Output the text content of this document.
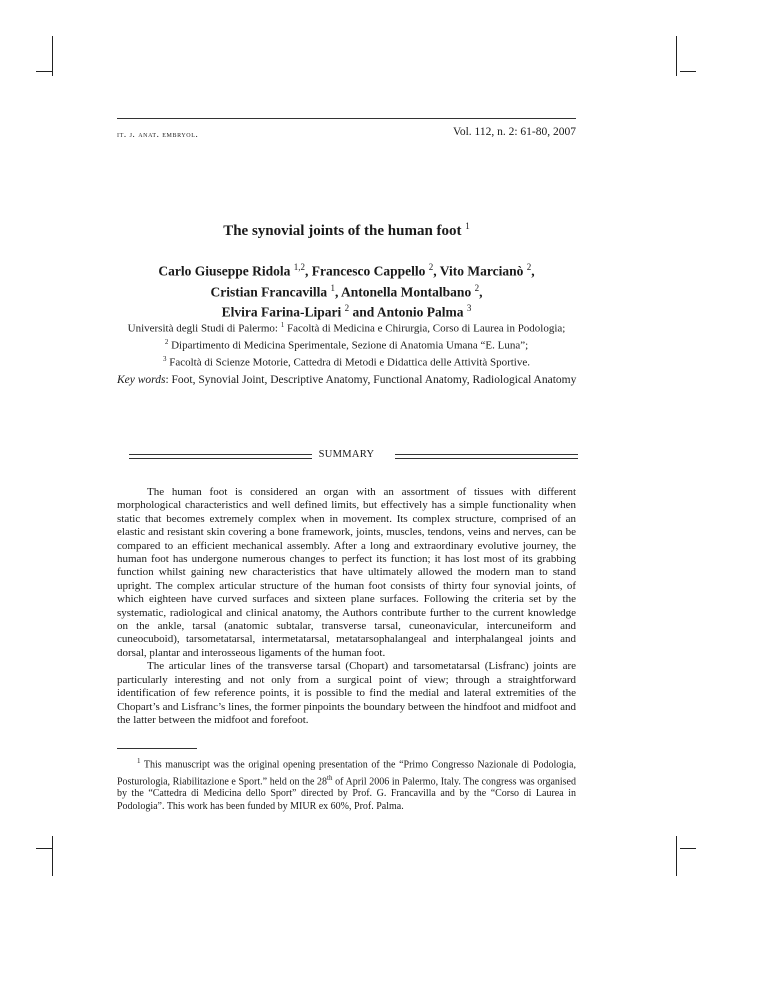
it. j. anat. embryol.	Vol. 112, n. 2: 61-80, 2007
The synovial joints of the human foot $^1$
Carlo Giuseppe Ridola $^{1,2}$, Francesco Cappello $^2$, Vito Marcianò $^2$,
Cristian Francavilla $^1$, Antonella Montalbano $^2$,
Elvira Farina-Lipari $^2$ and Antonio Palma $^3$
Università degli Studi di Palermo: $^1$ Facoltà di Medicina e Chirurgia, Corso di Laurea in Podologia;
$^2$ Dipartimento di Medicina Sperimentale, Sezione di Anatomia Umana “E. Luna”;
$^3$ Facoltà di Scienze Motorie, Cattedra di Metodi e Didattica delle Attività Sportive.
Key words: Foot, Synovial Joint, Descriptive Anatomy, Functional Anatomy, Radiological Anatomy
SUMMARY

The human foot is considered an organ with an assortment of tissues with different morphological characteristics and well defined limits, but effectively has a simple functionality when static that becomes extremely complex when in movement. Its complex structure, comprised of an elastic and resistant skin covering a bone framework, joints, muscles, tendons, veins and nerves, can be compared to an efficient mechanical assembly. After a long and extraordinary evolutive journey, the human foot has undergone numerous changes to perfect its function; it has lost most of its grabbing function whilst gaining new characteristics that have ultimately allowed the modern man to stand upright. The complex articular structure of the human foot consists of thirty four synovial joints, of which eighteen have curved surfaces and sixteen plane surfaces. Following the criteria set by the systematic, radiological and clinical anatomy, the Authors contribute further to the current knowledge on the ankle, tarsal (anatomic subtalar, transverse tarsal, cuneonavicular, intercuneiform and cuneocuboid), tarsometatarsal, intermetatarsal, metatarsophalangeal and interphalangeal joints and dorsal, plantar and interosseous ligaments of the human foot.

The articular lines of the transverse tarsal (Chopart) and tarsometatarsal (Lisfranc) joints are particularly interesting and not only from a surgical point of view; through a straightforward identification of few reference points, it is possible to find the medial and lateral extremities of the Chopart’s and Lisfranc’s lines, the former pinpoints the boundary between the hindfoot and midfoot and the latter between the midfoot and forefoot.

$^1$ This manuscript was the original opening presentation of the “Primo Congresso Nazionale di Podologia, Posturologia, Riabilitazione e Sport.” held on the 28th of April 2006 in Palermo, Italy. The congress was organised by the “Cattedra di Medicina dello Sport” directed by Prof. G. Francavilla and by the “Corso di Laurea in Podologia”. This work has been funded by MIUR ex 60%, Prof. Palma.
